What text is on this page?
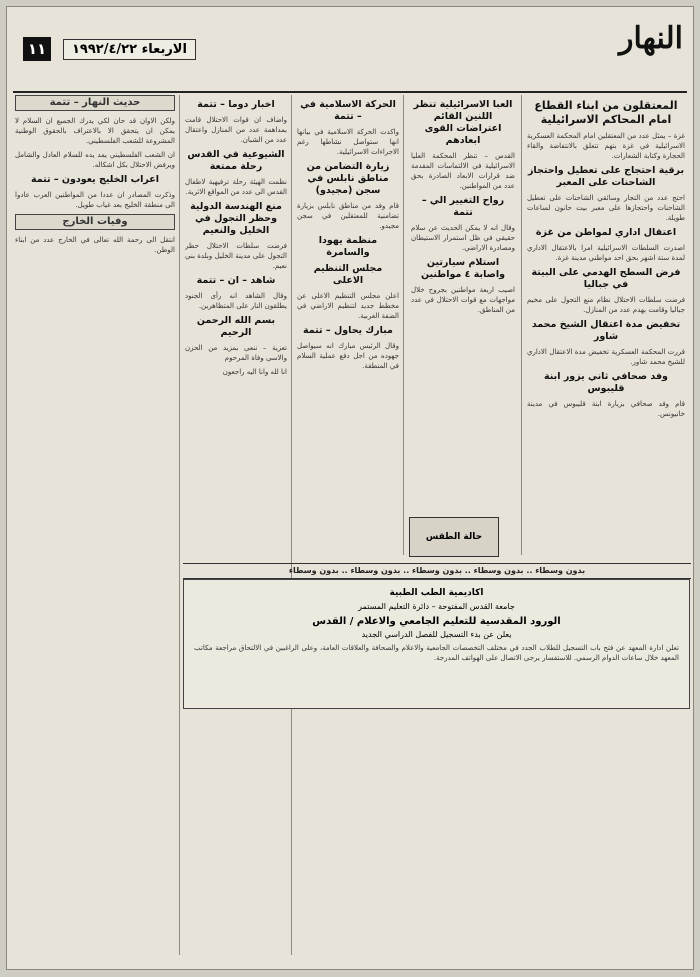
النهار
الاربعاء ١٩٩٢/٤/٢٢
١١
المعتقلون من ابناء القطاع امام المحاكم الاسرائيلية

غزة – يمثل عدد من المعتقلين امام المحكمة العسكرية الاسرائيلية في غزة بتهم تتعلق بالانتفاضة والقاء الحجارة وكتابة الشعارات.

برقية احتجاج على تعطيل واحتجاز الشاحنات على المعبر

احتج عدد من التجار وسائقي الشاحنات على تعطيل الشاحنات واحتجازها على معبر بيت حانون لساعات طويلة.

اعتقال اداري لمواطن من غزة

اصدرت السلطات الاسرائيلية امرا بالاعتقال الاداري لمدة ستة اشهر بحق احد مواطني مدينة غزة.

فرض السطح الهدمي على البيتة في جباليا

فرضت سلطات الاحتلال نظام منع التجول على مخيم جباليا وقامت بهدم عدد من المنازل.

تخفيض مدة اعتقال الشيخ محمد شاور

قررت المحكمة العسكرية تخفيض مدة الاعتقال الاداري للشيخ محمد شاور.

وفد صحافي ثاني يزور ابنة قليبوس

قام وفد صحافي بزيارة ابنة قليبوس في مدينة خانيونس.

العبا الاسرائيلية تنظر اللنين القائم اعتراضات القوى ابعادهم

القدس – تنظر المحكمة العليا الاسرائيلية في الالتماسات المقدمة ضد قرارات الابعاد الصادرة بحق عدد من المواطنين.

رواح التغيير الي – تتمة

وقال انه لا يمكن الحديث عن سلام حقيقي في ظل استمرار الاستيطان ومصادرة الاراضي.

استلام سيارتين واصابة ٤ مواطنين

اصيب اربعة مواطنين بجروح خلال مواجهات مع قوات الاحتلال في عدد من المناطق.

حالة الطقس
الحركة الاسلامية في – تتمة

واكدت الحركة الاسلامية في بيانها انها ستواصل نشاطها رغم الاجراءات الاسرائيلية.

زيارة التضامن من مناطق نابلس في سجن (مجيدو)

قام وفد من مناطق نابلس بزيارة تضامنية للمعتقلين في سجن مجيدو.

منظمة يهودا والسامرة
مجلس التنظيم الاعلى

اعلن مجلس التنظيم الاعلى عن مخطط جديد لتنظيم الاراضي في الضفة الغربية.

مبارك يحاول – تتمة

وقال الرئيس مبارك انه سيواصل جهوده من اجل دفع عملية السلام في المنطقة.

اخبار دوما – تتمة

واضاف ان قوات الاحتلال قامت بمداهمة عدد من المنازل واعتقال عدد من الشبان.

الشيوعية في القدس رحلة ممتعة

نظمت الهيئة رحلة ترفيهية لاطفال القدس الى عدد من المواقع الاثرية.

منع الهندسة الدولية وحظر التجول في الخليل والنعيم

فرضت سلطات الاحتلال حظر التجول على مدينة الخليل وبلدة بني نعيم.

شاهد – ان – تتمة

وقال الشاهد انه رأى الجنود يطلقون النار على المتظاهرين.

بسم الله الرحمن الرحيم

تعزية – ننعى بمزيد من الحزن والاسى وفاة المرحوم

انا لله وانا اليه راجعون

حديث النهار – تتمة

ولكن الاوان قد حان لكي يدرك الجميع ان السلام لا يمكن ان يتحقق الا بالاعتراف بالحقوق الوطنية المشروعة للشعب الفلسطيني.

ان الشعب الفلسطيني يمد يده للسلام العادل والشامل ويرفض الاحتلال بكل اشكاله.

اعراب الخليج يعودون – تتمة

وذكرت المصادر ان عددا من المواطنين العرب عادوا الى منطقة الخليج بعد غياب طويل.

وفيات الخارج

انتقل الى رحمة الله تعالى في الخارج عدد من ابناء الوطن.

بدون وسطاء .. بدون وسطاء .. بدون وسطاء .. بدون وسطاء .. بدون وسطاء
اكاديمية الطب الطبية
جامعة القدس المفتوحة – دائرة التعليم المستمر
الورود المقدسية للتعليم الجامعي والاعلام / القدس
يعلن عن بدء التسجيل للفصل الدراسي الجديد
تعلن ادارة المعهد عن فتح باب التسجيل للطلاب الجدد في مختلف التخصصات الجامعية والاعلام والصحافة والعلاقات العامة، وعلى الراغبين في الالتحاق مراجعة مكاتب المعهد خلال ساعات الدوام الرسمي. للاستفسار يرجى الاتصال على الهواتف المدرجة.
